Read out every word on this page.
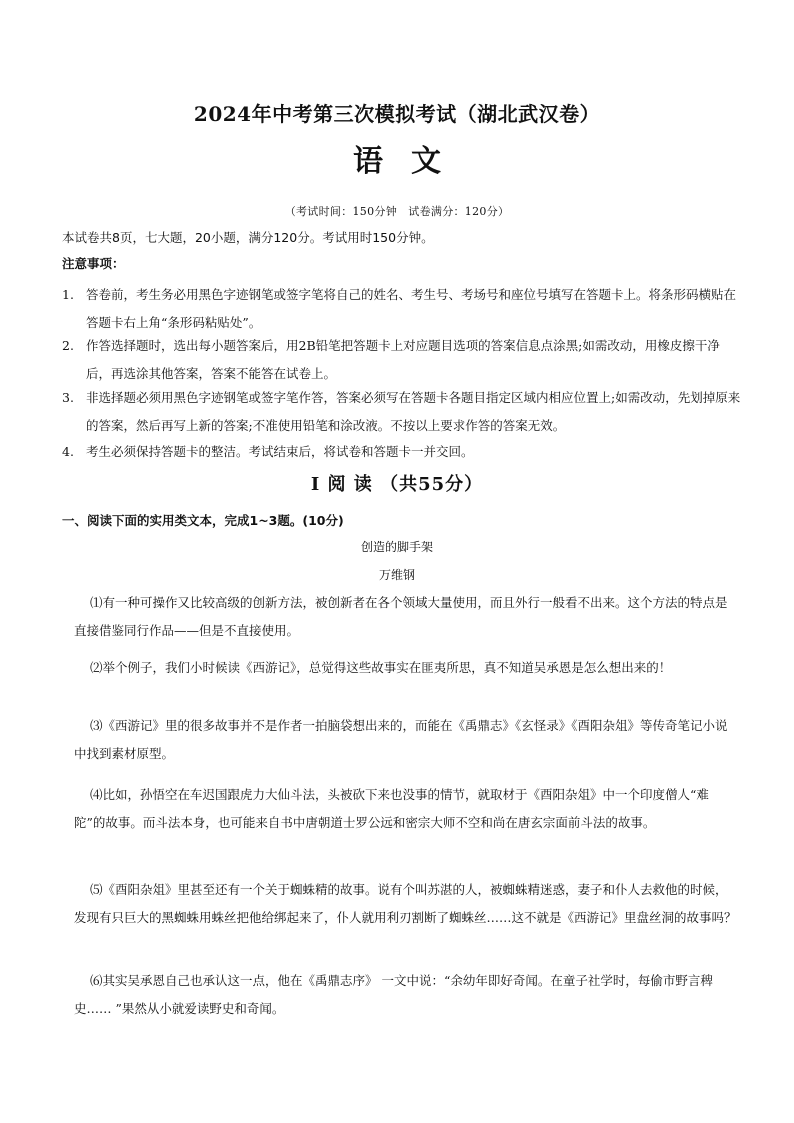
2024年中考第三次模拟考试（湖北武汉卷）
语文
（考试时间：150分钟　试卷满分：120分）
本试卷共8页，七大题，20小题，满分120分。考试用时150分钟。
注意事项：
1. 答卷前，考生务必用黑色字迹钢笔或签字笔将自己的姓名、考生号、考场号和座位号填写在答题卡上。将条形码横贴在答题卡右上角“条形码粘贴处”。
2. 作答选择题时，选出每小题答案后，用2B铅笔把答题卡上对应题目选项的答案信息点涂黑;如需改动，用橡皮擦干净后，再选涂其他答案，答案不能答在试卷上。
3. 非选择题必须用黑色字迹钢笔或签字笔作答，答案必须写在答题卡各题目指定区域内相应位置上;如需改动，先划掉原来的答案，然后再写上新的答案;不准使用铅笔和涂改液。不按以上要求作答的答案无效。
4. 考生必须保持答题卡的整洁。考试结束后，将试卷和答题卡一并交回。
I 阅 读 （共55分）
一、阅读下面的实用类文本，完成1~3题。(10分)
创造的脚手架
万维钢
⑴有一种可操作又比较高级的创新方法，被创新者在各个领域大量使用，而且外行一般看不出来。这个方法的特点是直接借鉴同行作品——但是不直接使用。
⑵举个例子，我们小时候读《西游记》，总觉得这些故事实在匪夷所思，真不知道吴承恩是怎么想出来的！
⑶《西游记》里的很多故事并不是作者一拍脑袋想出来的，而能在《禹鼎志》《玄怪录》《酉阳杂俎》等传奇笔记小说中找到素材原型。
⑷比如，孙悟空在车迟国跟虎力大仙斗法，头被砍下来也没事的情节，就取材于《酉阳杂俎》中一个印度僧人“难陀”的故事。而斗法本身，也可能来自书中唐朝道士罗公远和密宗大师不空和尚在唐玄宗面前斗法的故事。
⑸《酉阳杂俎》里甚至还有一个关于蜘蛛精的故事。说有个叫苏湛的人，被蜘蛛精迷惑，妻子和仆人去救他的时候，发现有只巨大的黑蜘蛛用蛛丝把他给绑起来了，仆人就用利刃割断了蜘蛛丝……这不就是《西游记》里盘丝洞的故事吗？
⑹其实吴承恩自己也承认这一点，他在《禹鼎志序》 一文中说：“余幼年即好奇闻。在童子社学时，每偷市野言稗史…… ”果然从小就爱读野史和奇闻。
